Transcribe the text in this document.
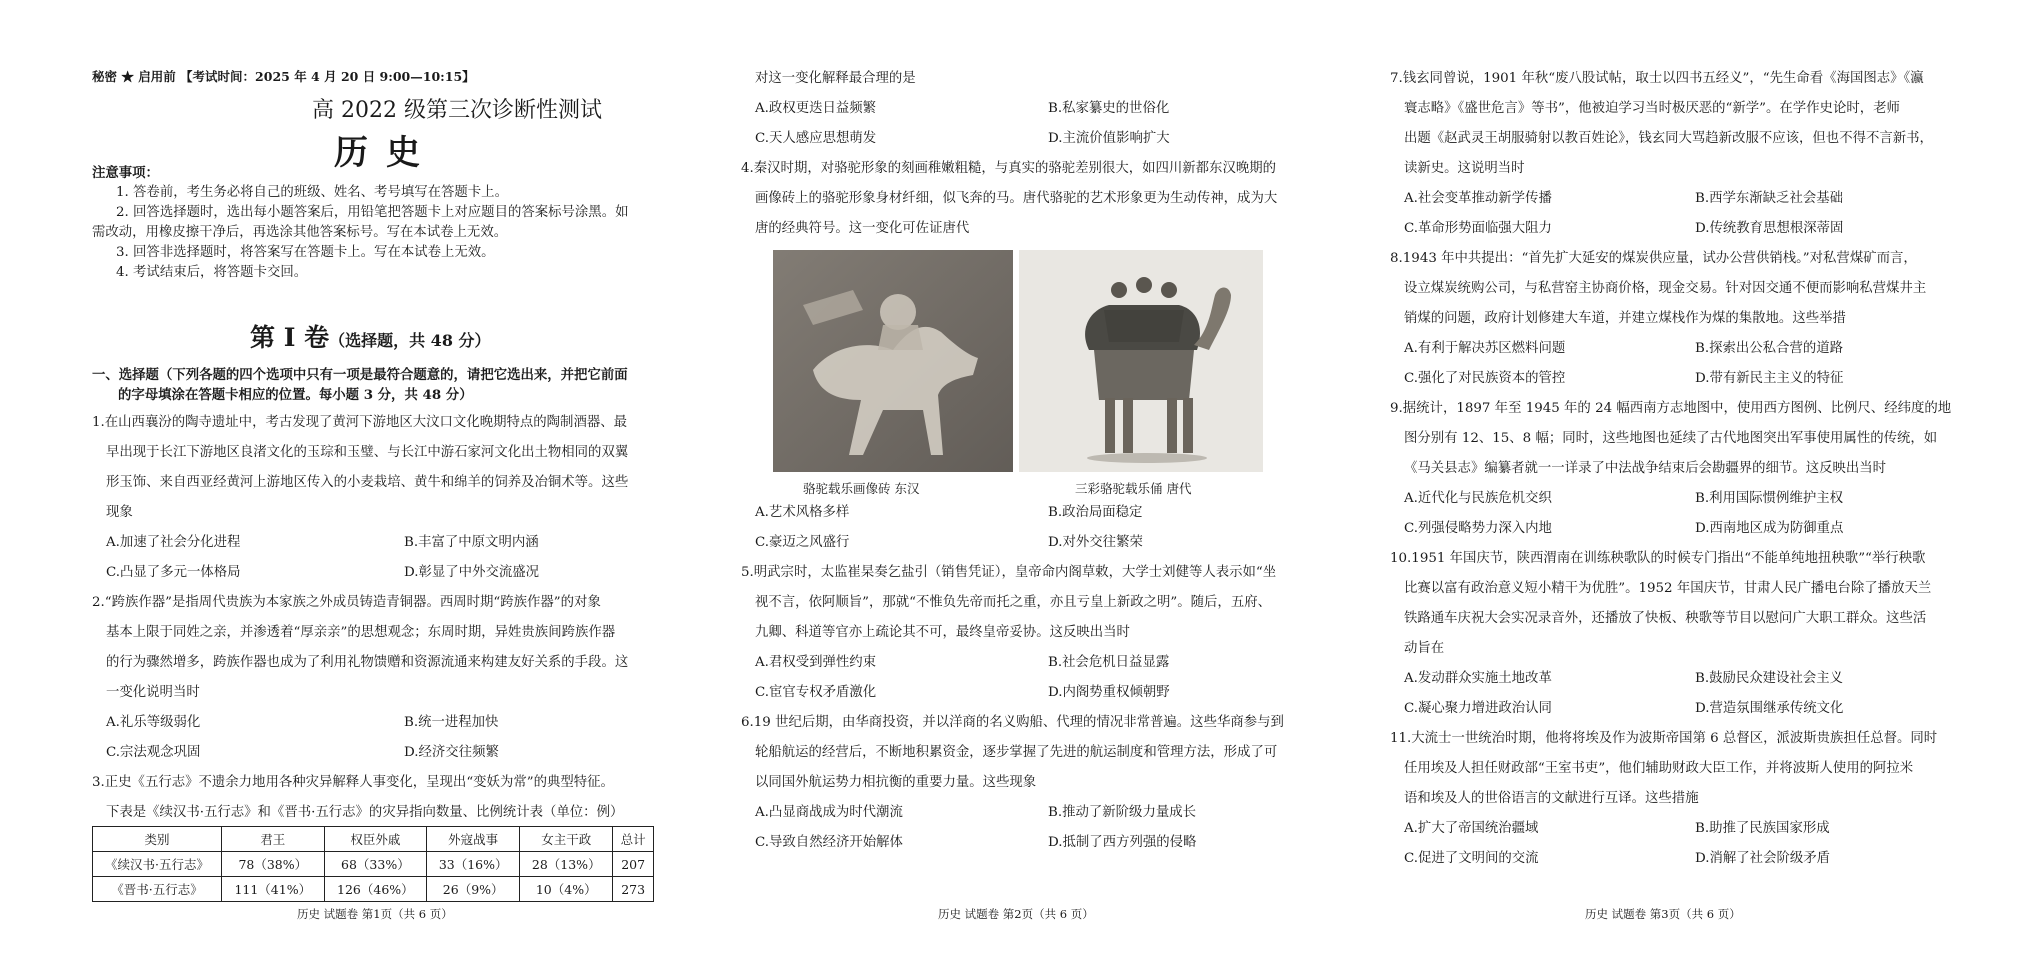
秘密 ★ 启用前 【考试时间：2025 年 4 月 20 日 9:00—10:15】
高 2022 级第三次诊断性测试
历史
注意事项：
1. 答卷前，考生务必将自己的班级、姓名、考号填写在答题卡上。
2. 回答选择题时，选出每小题答案后，用铅笔把答题卡上对应题目的答案标号涂黑。如
需改动，用橡皮擦干净后，再选涂其他答案标号。写在本试卷上无效。
3. 回答非选择题时，将答案写在答题卡上。写在本试卷上无效。
4. 考试结束后，将答题卡交回。
第 I 卷（选择题，共 48 分）
一、选择题（下列各题的四个选项中只有一项是最符合题意的，请把它选出来，并把它前面
的字母填涂在答题卡相应的位置。每小题 3 分，共 48 分）
1.在山西襄汾的陶寺遗址中，考古发现了黄河下游地区大汶口文化晚期特点的陶制酒器、最
早出现于长江下游地区良渚文化的玉琮和玉璧、与长江中游石家河文化出土物相同的双翼
形玉饰、来自西亚经黄河上游地区传入的小麦栽培、黄牛和绵羊的饲养及冶铜术等。这些
现象
A.加速了社会分化进程	B.丰富了中原文明内涵
C.凸显了多元一体格局	D.彰显了中外交流盛况
2.“跨族作器”是指周代贵族为本家族之外成员铸造青铜器。西周时期“跨族作器”的对象
基本上限于同姓之亲，并渗透着“厚亲亲”的思想观念；东周时期，异姓贵族间跨族作器
的行为骤然增多，跨族作器也成为了利用礼物馈赠和资源流通来构建友好关系的手段。这
一变化说明当时
A.礼乐等级弱化	B.统一进程加快
C.宗法观念巩固	D.经济交往频繁
3.正史《五行志》不遗余力地用各种灾异解释人事变化，呈现出“变妖为常”的典型特征。
下表是《续汉书·五行志》和《晋书·五行志》的灾异指向数量、比例统计表（单位：例）
类别	君王	权臣外戚	外寇战事	女主干政	总计
《续汉书·五行志》	78（38%）	68（33%）	33（16%）	28（13%）	207
《晋书·五行志》	111（41%）	126（46%）	26（9%）	10（4%）	273
历史 试题卷 第1页（共 6 页）
对这一变化解释最合理的是
A.政权更迭日益频繁	B.私家纂史的世俗化
C.天人感应思想萌发	D.主流价值影响扩大
4.秦汉时期，对骆驼形象的刻画稚嫩粗糙，与真实的骆驼差别很大，如四川新都东汉晚期的
画像砖上的骆驼形象身材纤细，似飞奔的马。唐代骆驼的艺术形象更为生动传神，成为大
唐的经典符号。这一变化可佐证唐代
骆驼载乐画像砖 东汉	三彩骆驼载乐俑 唐代
A.艺术风格多样	B.政治局面稳定
C.豪迈之风盛行	D.对外交往繁荣
5.明武宗时，太监崔杲奏乞盐引（销售凭证），皇帝命内阁草敕，大学士刘健等人表示如“坐
视不言，依阿顺旨”，那就“不惟负先帝而托之重，亦且亏皇上新政之明”。随后，五府、
九卿、科道等官亦上疏论其不可，最终皇帝妥协。这反映出当时
A.君权受到弹性约束	B.社会危机日益显露
C.宦官专权矛盾激化	D.内阁势重权倾朝野
6.19 世纪后期，由华商投资，并以洋商的名义购船、代理的情况非常普遍。这些华商参与到
轮船航运的经营后，不断地积累资金，逐步掌握了先进的航运制度和管理方法，形成了可
以同国外航运势力相抗衡的重要力量。这些现象
A.凸显商战成为时代潮流	B.推动了新阶级力量成长
C.导致自然经济开始解体	D.抵制了西方列强的侵略
历史 试题卷 第2页（共 6 页）
7.钱玄同曾说，1901 年秋“废八股试帖，取士以四书五经义”，“先生命看《海国图志》《瀛
寰志略》《盛世危言》等书”，他被迫学习当时极厌恶的“新学”。在学作史论时，老师
出题《赵武灵王胡服骑射以教百姓论》，钱玄同大骂趋新改服不应该，但也不得不言新书，
读新史。这说明当时
A.社会变革推动新学传播	B.西学东渐缺乏社会基础
C.革命形势面临强大阻力	D.传统教育思想根深蒂固
8.1943 年中共提出：“首先扩大延安的煤炭供应量，试办公营供销栈。”对私营煤矿而言，
设立煤炭统购公司，与私营窑主协商价格，现金交易。针对因交通不便而影响私营煤井主
销煤的问题，政府计划修建大车道，并建立煤栈作为煤的集散地。这些举措
A.有利于解决苏区燃料问题	B.探索出公私合营的道路
C.强化了对民族资本的管控	D.带有新民主主义的特征
9.据统计，1897 年至 1945 年的 24 幅西南方志地图中，使用西方图例、比例尺、经纬度的地
图分别有 12、15、8 幅；同时，这些地图也延续了古代地图突出军事使用属性的传统，如
《马关县志》编纂者就一一详录了中法战争结束后会勘疆界的细节。这反映出当时
A.近代化与民族危机交织	B.利用国际惯例维护主权
C.列强侵略势力深入内地	D.西南地区成为防御重点
10.1951 年国庆节，陕西渭南在训练秧歌队的时候专门指出“不能单纯地扭秧歌”“举行秧歌
比赛以富有政治意义短小精干为优胜”。1952 年国庆节，甘肃人民广播电台除了播放天兰
铁路通车庆祝大会实况录音外，还播放了快板、秧歌等节目以慰问广大职工群众。这些活
动旨在
A.发动群众实施土地改革	B.鼓励民众建设社会主义
C.凝心聚力增进政治认同	D.营造氛围继承传统文化
11.大流士一世统治时期，他将将埃及作为波斯帝国第 6 总督区，派波斯贵族担任总督。同时
任用埃及人担任财政部“王室书吏”，他们辅助财政大臣工作，并将波斯人使用的阿拉米
语和埃及人的世俗语言的文献进行互译。这些措施
A.扩大了帝国统治疆域	B.助推了民族国家形成
C.促进了文明间的交流	D.消解了社会阶级矛盾
历史 试题卷 第3页（共 6 页）
